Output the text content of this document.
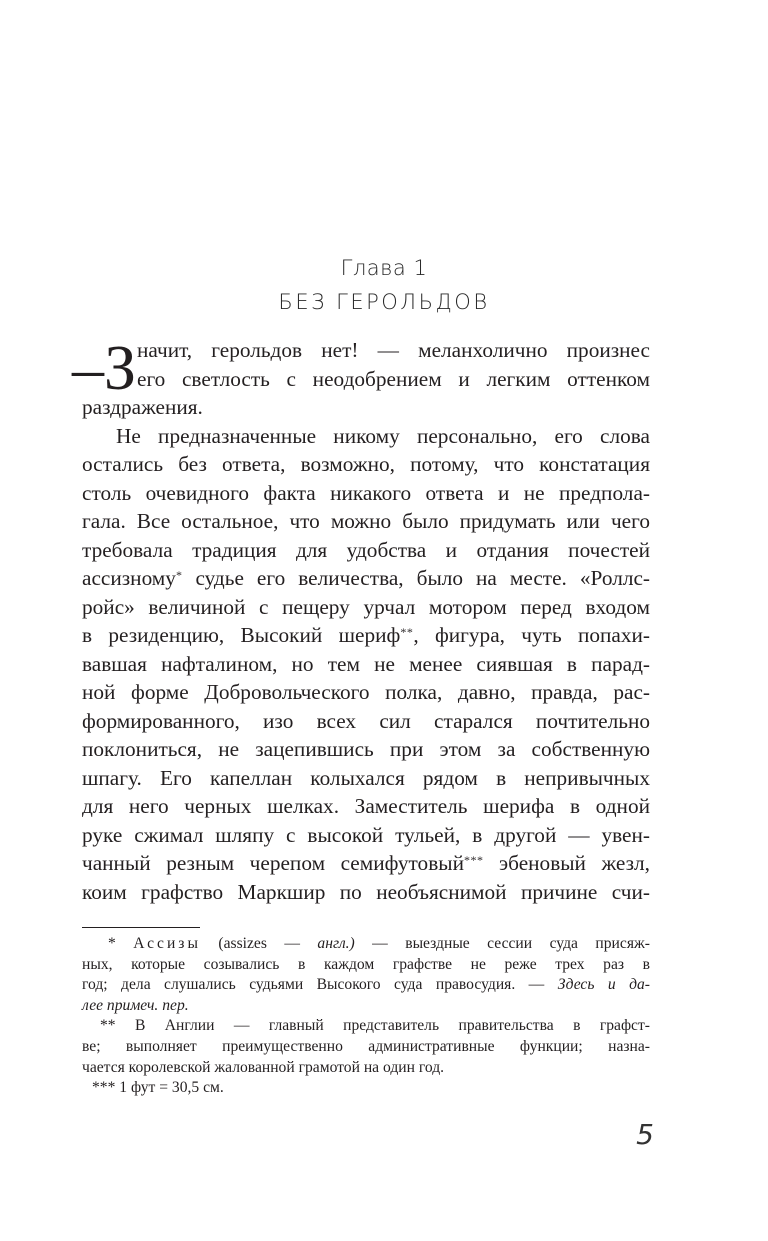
Глава 1
БЕЗ ГЕРОЛЬДОВ
–З начит, герольдов нет! — меланхолично произнес
его светлость с неодобрением и легким оттенком
раздражения.
Не предназначенные никому персонально, его слова
остались без ответа, возможно, потому, что констатация
столь очевидного факта никакого ответа и не предпола-
гала. Все остальное, что можно было придумать или чего
требовала традиция для удобства и отдания почестей
ассизному* судье его величества, было на месте. «Роллс-
ройс» величиной с пещеру урчал мотором перед входом
в резиденцию, Высокий шериф**, фигура, чуть попахи-
вавшая нафталином, но тем не менее сиявшая в парад-
ной форме Добровольческого полка, давно, правда, рас-
формированного, изо всех сил старался почтительно
поклониться, не зацепившись при этом за собственную
шпагу. Его капеллан колыхался рядом в непривычных
для него черных шелках. Заместитель шерифа в одной
руке сжимал шляпу с высокой тульей, в другой — увен-
чанный резным черепом семифутовый*** эбеновый жезл,
коим графство Маркшир по необъяснимой причине счи-
* Ассизы (assizes — англ.) — выездные сессии суда присяж-
ных, которые созывались в каждом графстве не реже трех раз в
год; дела слушались судьями Высокого суда правосудия. — Здесь и да-
лее примеч. пер.
** В Англии — главный представитель правительства в графст-
ве; выполняет преимущественно административные функции; назна-
чается королевской жалованной грамотой на один год.
*** 1 фут = 30,5 см.
5
